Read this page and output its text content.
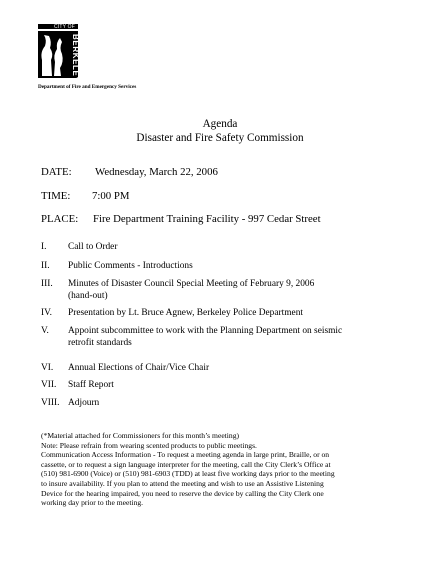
CITY OF
BERKELEY
Department of Fire and Emergency Services
Agenda
Disaster and Fire Safety Commission
DATE: Wednesday, March 22, 2006
TIME: 7:00 PM
PLACE: Fire Department Training Facility - 997 Cedar Street
I. Call to Order
II. Public Comments - Introductions
III. Minutes of Disaster Council Special Meeting of February 9, 2006
(hand-out)
IV. Presentation by Lt. Bruce Agnew, Berkeley Police Department
V. Appoint subcommittee to work with the Planning Department on seismic
retrofit standards
VI. Annual Elections of Chair/Vice Chair
VII. Staff Report
VIII. Adjourn
(*Material attached for Commissioners for this month’s meeting)
Note: Please refrain from wearing scented products to public meetings.
Communication Access Information - To request a meeting agenda in large print, Braille, or on
cassette, or to request a sign language interpreter for the meeting, call the City Clerk’s Office at
(510) 981-6900 (Voice) or (510) 981-6903 (TDD) at least five working days prior to the meeting
to insure availability. If you plan to attend the meeting and wish to use an Assistive Listening
Device for the hearing impaired, you need to reserve the device by calling the City Clerk one
working day prior to the meeting.
